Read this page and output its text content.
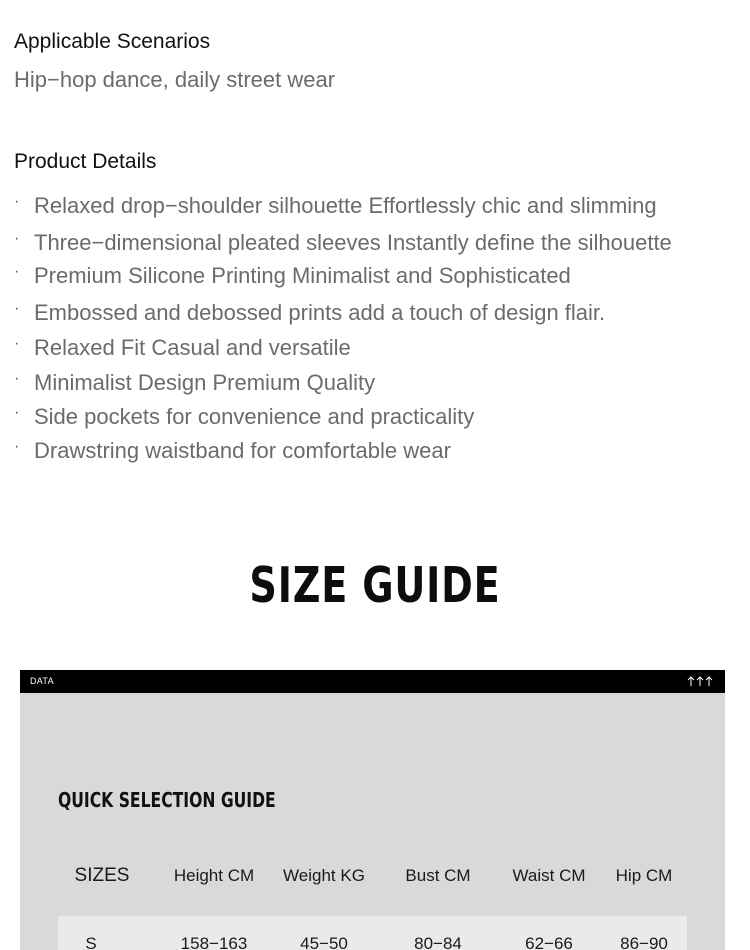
Applicable Scenarios
Hip−hop dance, daily street wear
Product Details
· Relaxed drop−shoulder silhouette Effortlessly chic and slimming
· Three−dimensional pleated sleeves Instantly define the silhouette
· Premium Silicone Printing Minimalist and Sophisticated
· Embossed and debossed prints add a touch of design flair.
· Relaxed Fit Casual and versatile
· Minimalist Design Premium Quality
· Side pockets for convenience and practicality
· Drawstring waistband for comfortable wear
SIZE GUIDE
DATA
QUICK SELECTION GUIDE
SIZES	Height CM	Weight KG	Bust CM	Waist CM	Hip CM
S	158−163	45−50	80−84	62−66	86−90
